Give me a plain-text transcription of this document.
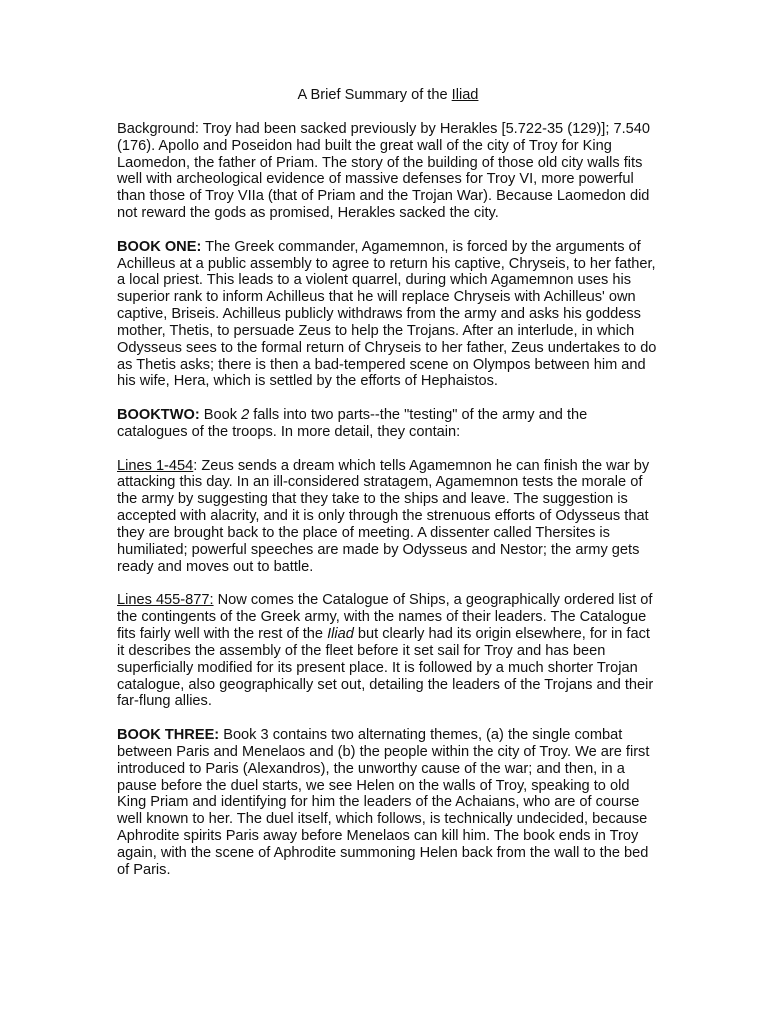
A Brief Summary of the Iliad
Background: Troy had been sacked previously by Herakles [5.722-35 (129)]; 7.540 (176). Apollo and Poseidon had built the great wall of the city of Troy for King Laomedon, the father of Priam. The story of the building of those old city walls fits well with archeological evidence of massive defenses for Troy VI, more powerful than those of Troy VIIa (that of Priam and the Trojan War). Because Laomedon did not reward the gods as promised, Herakles sacked the city.
BOOK ONE: The Greek commander, Agamemnon, is forced by the arguments of Achilleus at a public assembly to agree to return his captive, Chryseis, to her father, a local priest. This leads to a violent quarrel, during which Agamemnon uses his superior rank to inform Achilleus that he will replace Chryseis with Achilleus' own captive, Briseis. Achilleus publicly withdraws from the army and asks his goddess mother, Thetis, to persuade Zeus to help the Trojans. After an interlude, in which Odysseus sees to the formal return of Chryseis to her father, Zeus undertakes to do as Thetis asks; there is then a bad-tempered scene on Olympos between him and his wife, Hera, which is settled by the efforts of Hephaistos.
BOOKTWO: Book 2 falls into two parts--the "testing" of the army and the catalogues of the troops. In more detail, they contain:
Lines 1-454: Zeus sends a dream which tells Agamemnon he can finish the war by attacking this day. In an ill-considered stratagem, Agamemnon tests the morale of the army by suggesting that they take to the ships and leave. The suggestion is accepted with alacrity, and it is only through the strenuous efforts of Odysseus that they are brought back to the place of meeting. A dissenter called Thersites is humiliated; powerful speeches are made by Odysseus and Nestor; the army gets ready and moves out to battle.
Lines 455-877: Now comes the Catalogue of Ships, a geographically ordered list of the contingents of the Greek army, with the names of their leaders. The Catalogue fits fairly well with the rest of the Iliad but clearly had its origin elsewhere, for in fact it describes the assembly of the fleet before it set sail for Troy and has been superficially modified for its present place. It is followed by a much shorter Trojan catalogue, also geographically set out, detailing the leaders of the Trojans and their far-flung allies.
BOOK THREE: Book 3 contains two alternating themes, (a) the single combat between Paris and Menelaos and (b) the people within the city of Troy. We are first introduced to Paris (Alexandros), the unworthy cause of the war; and then, in a pause before the duel starts, we see Helen on the walls of Troy, speaking to old King Priam and identifying for him the leaders of the Achaians, who are of course well known to her. The duel itself, which follows, is technically undecided, because Aphrodite spirits Paris away before Menelaos can kill him. The book ends in Troy again, with the scene of Aphrodite summoning Helen back from the wall to the bed of Paris.
